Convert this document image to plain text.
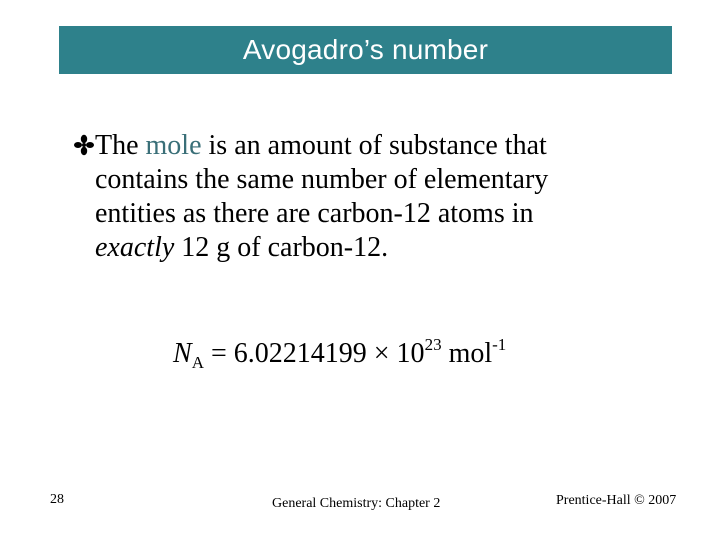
Avogadro’s number
The mole is an amount of substance that
contains the same number of elementary
entities as there are carbon-12 atoms in
exactly 12 g of carbon-12.
$N_A = 6.02214199 \times 10^{23}$ mol$^{-1}$
28	General Chemistry: Chapter 2	Prentice-Hall © 2007
